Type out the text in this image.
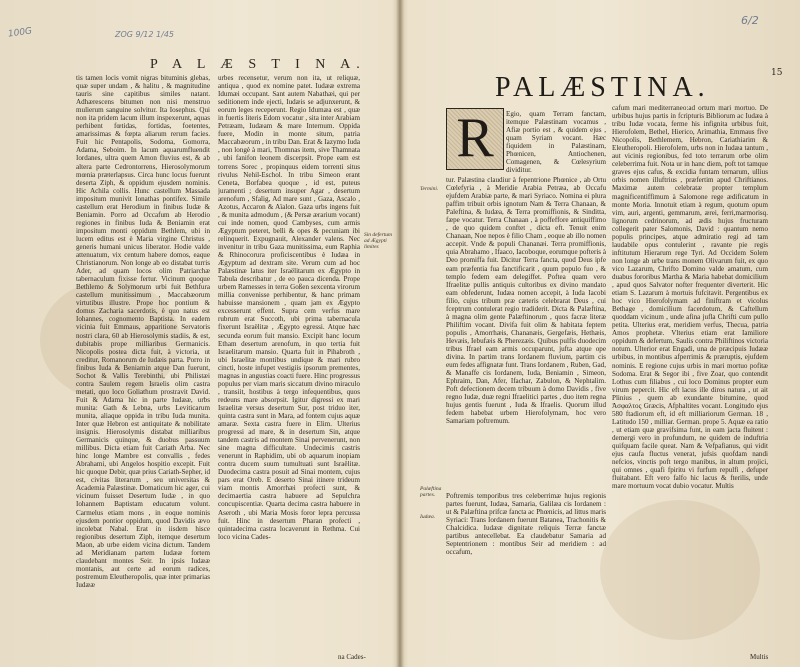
100G	ZOG 9/12 1/45
P A L Æ S T I N A.

tis tamen locis vomit nigras bituminis glebas, quæ super undam , & halitu , & magnitudine tauris sine capitibus similes natant. Adhærescens bitumen non nisi menstruo mulierum sanguine solvitur. Ita Iosephus. Qui non ita pridem lacum illum inspexerunt, aquas perhibent fœtidas, fortidas, foetentes, amarissimas & fœpta aliarum rerum facies. Fuit hic Pentapolis, Sodoma, Gomorra, Adama, Seboim. In lacum aquarumfluendit Iordanes, ultra quem Amon fluvius est, & ab altera parte Cedrontorrens, Hierosolymorum mœnia præterlapsus. Circa hunc locus fuerunt deserta Ziph, & oppidum ejusdem nominis. Hic Achila collis. Hunc castellum Massada impositum munivit Ionathas pontifex. Simile castellum erat Herodium in finibus Iudæ & Beniamin. Porro ad Occafum ab Herodio regiones in finibus Iuda & Beniamin erat impositum monti oppidum Bethlem, ubi in lucem editus est è Maria virgine Christus , generis humani unicus liberator. Hodie valde attenuatum, vix centum habere domos, eaque Christianorum. Non longe ab eo distabat turris Ader, ad quam locos olim Patriarchæ tabernaculum fixisse fertur. Vicinum quoque Bethlemo & Solymorum urbi fuit Bethfura castellum munitissimum , Maccabæorum virtutibus illustre. Prope hoc pontium & domus Zacharia sacerdotis, è quo natus est Iohannes, cognomento Baptista. In eadem vicinia fuit Emmaus, apparitione Servatoris nostri clara, 60 ab Hierosolymis stadiis, & est, dubitabis prope milliaribus Germanicis. Nicopolis postea dicta fuit, à victoria, ut creditur, Romanorum de Iudæis parta. Porro in finibus Iuda & Beniamin atque Dan fuerunt, Sochot & Vallis Terebinthi, ubi Philistæi contra Saulem regem Israelis olim castra metati, quo loco Goliathum prostravit David. Fuit & Adama hic in parte Iudææ, urbs munita: Gath & Lebna, urbs Leviticarum munita, aliaque oppida in tribu Iuda munita. Inter quæ Hebron est antiquitate & nobilitate insignis. Hierosolymis distabat milliaribus Germanicis quinque, & duobus passuum millibus. Dicta etiam fuit Cariath Arba. Nec hinc longe Mambre est convallis , fedes Abrahami, ubi Angelos hospitio excepit. Fuit hic quoque Debir, quæ prius Cariath-Sepher, id est, civitas literarum , seu universitas & Academia Palæstinæ. Domaticum hic ager, cui vicinum fuisset Desertum Iudæ , in quo Iohannem Baptistam educatum volunt. Carmelus etiam mons , in eoque nominis ejusdem pontior oppidum, quod Davidis ævo incolebat Nabal. Erat in iisdem hisce regionibus desertum Ziph, itemque desertum Maon, ab urbe eidem vicina dictum. Tandem ad Meridianam partem Iudææ fortem claudebant montes Seir. In ipsis Iudææ montanis, aut certe ad eorum radices, postremum Eleutheropolis, quæ inter primarias Iudææ

urbes recensetur, verum non ita, ut reliquæ, antiqua , quod ex nomine patet. Iudææ extrema Idumæi occupant. Sant autem Nabathæi, qui per seditionem inde ejecti, Iudæis se adjunxerunt, & eorum leges receperunt. Regio Idumæa est , quæ in fuertis literis Edom vocatur , sita inter Arabiam Petræam, Iudæam & mare Internum. Oppida fuere, Modin in monte situm, patria Maccabæorum , in tribu Dan. Erat & Iazymo Iuda , non longè à mari, Thomnas item, sive Thamnata , ubi fanifon leonem discerpsit. Prope eam est torrens Sorec , propinquus eidem torrenti situs rivulus Nehil-Eschol. In tribu Simeon erant Ceneta, Borfabea quoque , id est, puteus juramenti ; desertum insuper Agar , desertum arenofum , Sfalig, Ad mare sunt , Gaza, Ascalo , Azotus, Accaron & Aïalon. Gaza urbs ingens fuit , & munita admodum , (& Persæ ærarium vocant) cui inde nomen, quod Cambyses, cum armis Ægyptum peteret, belli & opes & pecuniam ibi relinquerit. Expugnauit, Alexander valens. Nec invenitur in tribu Gaza munitissima, eum Raphia & Rhinocorura proficiscentibus è Iudæa in Ægyptum ad dextram site. Verum cum ad hoc Palæstinæ latus iter Israëlitarum ex Ægypto in Tabula describatur , de eo pauca dicenda. Prope urbem Ramesses in terra Goßen sexcenta virorum millia convenisse perhibentur, & hanc primam habuisse mansionem , quam jam ex Ægypto excesserunt effent. Supra cem verfus mare rubrum erat Succoth, ubi prima tabernacula fixerunt Israëlitæ , Ægypto egressi. Atque hæc secunda eorum fuit mansio. Excipit hanc locum Etham desertum arenofum, in quo tertia fuit Israelitarum mansio. Quarta fuit in Pihabroth , ubi Israelitæ montibus undique & mari rubro cincti, hoste infupet vestigiis ipsorum prementes, magnas in angustias coacti fuere. Hinc progressus populus per viam maris siccatum divino miraculo , transiit, hostibus à tergo infequentibus, quos redeuns mare absorpsit. Igitur digressi ex mari Israelitæ versus desertum Sur, post triduo iter, quinta castra sunt in Mara, ad fontem cujus aquæ amaræ. Sexta castra fuere in Elim. Ulterius progressi ad mare, & in desertum Sin, atque tandem castris ad montem Sinai pervenerunt, non sine magna difficultate. Undecimis castris venerunt in Raphidim, ubi ob aquarum inopiam contra ducem suum tumultuati sunt Israëlitæ. Duodecima castra posuit ad Sinai montem, cujus pars erat Oreb. E deserto Sinai itinere trideum viam montis Amorrhæi profecti sunt, & decimaertia castra habuere ad Sepulchra concupiscentiæ. Quarta decima castra habuere in Aseroth , ubi Maria Mosis foror lepra percussa fuit. Hinc in desertum Pharan profecti , quintadecima castra locaverunt in Rethma. Cui loco vicina Cades-

Sin defertum ad Ægypti limites
na Cades-
6/2
15
PALÆSTINA.
R	Egio, quam Terram fanctam, itemque Palæstinam vocamus , Afiæ portio est , & quidem ejus , quam Syriam vocant. Hæc fiquidem in Palæstinam, Phœnicen, Antiochenen, Comagenen, & Cœlesyrium dividitur.

tur. Palæstina claudiur à fepentrione Phœnice , ab Ortu Cœlefyria , à Meridie Arabia Petræa, ab Occafu ejufdem Arabiæ parte, & mari Syriaco. Nomina ei plura paffim tribuit orbis ignotum Nam & Terra Chanaan, & Paleftina, & Iudæa, & Terra promiffionis, & Sinditta, fæpe vocatur. Terra Chanaan , à poffeffore antiquiffimo , de quo quidem conftet , dicta eft. Tenuit enim Chanaan, Noe nepos è filio Cham , eoque ab illo nomen accepit. Vnde & populi Chananæi. Terra promiffionis, quia Abrahamo , Ifaaco, Iacoboque, eorumque pofteris à Deo promiffa fuit. Dicitur Terra fancta, quod Deus ipfe eam præfentia fua fanctificarit , quum populo fuo , & templo fedem eam delegiffet. Poftea quam vero Ifraelitæ pullis antiquis cultoribus ex divino mandato eam obfederunt, Iudæa nomen accepit, à Iuda Iacobi filio, cujus tribum præ cæteris celebrarat Deus , cui fceptrum contulerat regio tradiderit. Dicta & Palæftina, à magna olim gente Palæftinorum , quos facræ literæ Philiftim vocant. Divifa fuit olim & habitata feptem populis , Amorrhæis, Chananæis, Gergefæis, Hethæis, Hevæis, Iebufæis & Pherezæis. Quibus pulfis duodecim tribus Ifrael eam armis occuparunt, jufta atque ope divina. In partim trans Iordanem fluvium, partim cis eum fedes affignatæ funt. Trans Iordanem , Ruben, Gad, & Manaffe cis Iordanem, Iuda, Beniamin , Simeon, Ephraim, Dan, Afer, Ifachar, Zabulon, & Nephtalim. Poft defectionem decem tribuum à domo Davidis , five regno Iudæ, duæ regni Ifraelitici partes , duo item regna hujus gentis fuerunt , Iuda & Ifraelis. Quorum illud fedem habebat urbem Hierofolymam, hoc vero Samariam poftremum.

Poftremis temporibus tres celeberrimæ hujus regionis partes fuerunt, Iudæa, Samaria, Galilæa cis Iordanem : ut & Palæftina prifcæ fancta ac Phœnicis, ad littus maris Syriaci: Trans Iordanem fuerunt Batanea, Trachonitis & Chalcidica. Iudææ dignitate reliquis Terræ fanctæ partibus antecellebat. Ea claudebatur Samaria ad Septentrionem : montibus Seir ad meridiem : ad occafum,

Termini.
Palæftina partes.
Iudæa.

cafum mari mediterraneo:ad ortum mari mortuo. De urbibus hujus partis in fcripturis Bibliorum ac Iudæa à tribu Iudæ vocata, ferme his infignita urbibus fuit, Hierofolem, Bethel, Hierico, Arimathia, Emmaus five Nicopolis, Bethlemem, Hebron, Cariathiarim & Eleutheropoli. Hierofolem, urbs non in Iudæa tantum , aut vicinis regionibus, fed toto terrarum orbe olim celeberrima fuit. Nota ur in hanc diem, poft tot tamque graves ejus cafus, & excidia funtam ternarum, ullius orbis nomen illuftrius , præfertim apud Chriftianos. Maximæ autem celebratæ propter templum magnificentiffimum à Salomone rege ædificatum in monte Moria. Innotuit etiam à regum, quotum opum vim, auri, argenti, gemmarum, ærei, ferri,marmorisq. lignorum cedrinorum, ad ædis hujus fructuram collegerit pater Salomonis, David : quantum nemo populis principes, atque admiratio regi ad tam laudabile opus contulerint , ravante pie regis inftitutum Hierarum rege Tyri. Ad Occidem Solem non longe ab urbe trans monem Olivarum fuit, ex quo vico Lazarum, Chrifto Domino valde amatum, cum duabus fororibus Martha & Maria habebat domicilium , apud quos Salvator nofter frequenter diverterit. Hic etiam S. Lazarum à mortuis fufcitavit. Pergentibus ex hoc vico Hierofolymam ad finiftram et vicolus Bethage , domicilium facerdotum, & Caftellum quoddam vicinum , unde afina jufla Chrifti cum pullo petita. Ulterius erat, meridiem verfus, Thecua, patria Amos prophetæ. Vlterius etiam erat Iamiliore oppidum & defertum, Saulis contra Philiftinos victoria notum. Ulterior erat Engadi, una de præcipuis Iudææ urbibus, in montibus afperrimis & præruptis, ejufdem nominis. E regione cujus urbis in mari mortuo pofitæ Sodoma. Erat & Segor ibi , five Zoar, quo contendit Lothus cum filiabus , cui loco Dominus propter eum virum pepercit. Hic eft lacus ille diros natura , ut ait Plinius , quem ab exundante bitumine, quod Ἀσφαλτος Græcis, Afphaltites vocant. Longitudo ejus 580 ftadiorum eft, id eft milliariorum German. 18 , Latitudo 150 , milliar. German. prope 5. Aquæ ea ratio , ut etiam quæ gravifsima funt, in eam jacta fluitent : demergi vero in profundum, ne quidem de induftria quifquam facile queat. Nam & Vefpafianus, qui vidit ejus caufa fluctus venerat, jufsis quofdam nandi nefcios, vinctis poft tergo manibus, in altum projici, qui omnes , quafi fpiritu vi furfum repulfi , defuper fluitabant. Eft vero falfo hic lacus & fterilis, unde mare mortuum vocat dubio vocatur. Multis

Multis
